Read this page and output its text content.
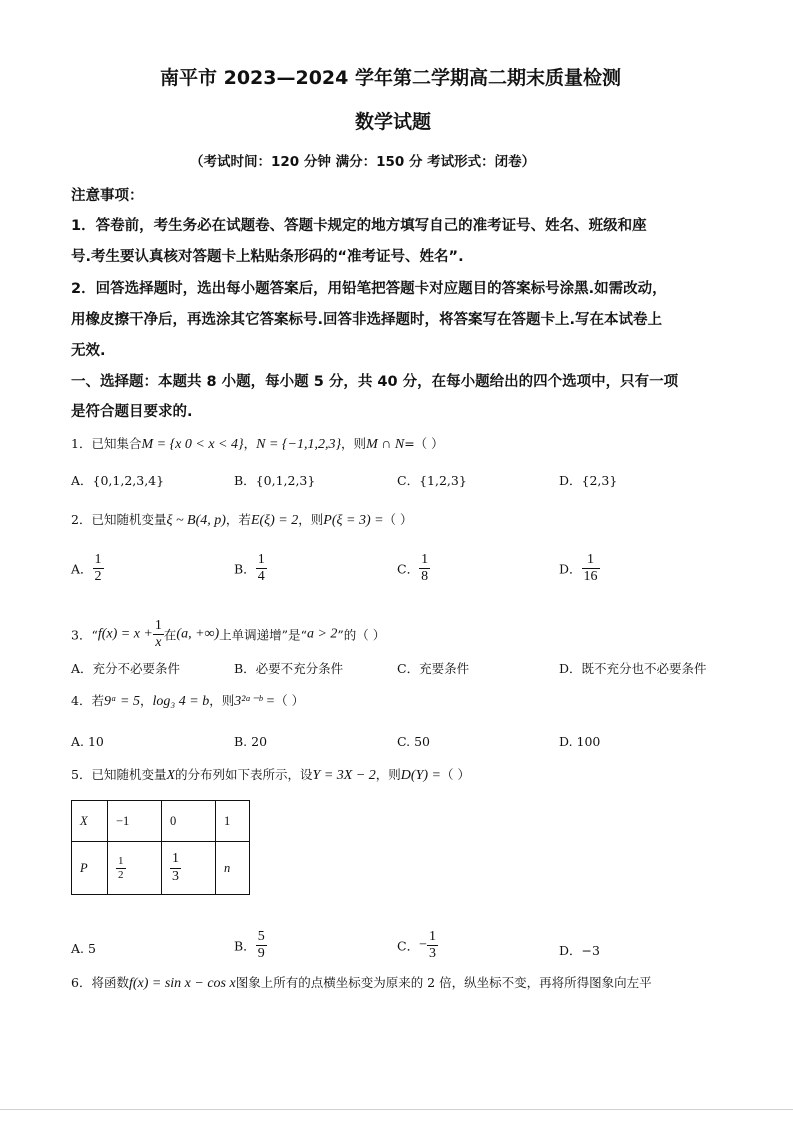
南平市 2023—2024 学年第二学期高二期末质量检测
数学试题
（考试时间：120 分钟 满分：150 分 考试形式：闭卷）
注意事项：
1．答卷前，考生务必在试题卷、答题卡规定的地方填写自己的准考证号、姓名、班级和座
号.考生要认真核对答题卡上粘贴条形码的“准考证号、姓名”.
2．回答选择题时，选出每小题答案后，用铅笔把答题卡对应题目的答案标号涂黑.如需改动，
用橡皮擦干净后，再选涂其它答案标号.回答非选择题时，将答案写在答题卡上.写在本试卷上
无效.
一、选择题：本题共 8 小题，每小题 5 分，共 40 分，在每小题给出的四个选项中，只有一项
是符合题目要求的.
1．已知集合M = {x 0 < x < 4}，N = {−1,1,2,3}，则M ∩ N=（ ）
A．{0,1,2,3,4}	B．{0,1,2,3}	C．{1,2,3}	D．{2,3}
2．已知随机变量ξ ~ B(4, p)，若E(ξ) = 2，则P(ξ = 3) =（ ）
A． $\frac{1}{2}$	B． $\frac{1}{4}$	C． $\frac{1}{8}$	D． $\frac{1}{16}$
3．“$f(x) = x + \frac{1}{x}$ 在(a, +∞)上单调递增”是“a > 2”的（ ）
A．充分不必要条件	B．必要不充分条件	C．充要条件	D．既不充分也不必要条件
4．若9ᵃ = 5，log₃ 4 = b，则3²ᵃ⁻ᵇ =（ ）
A. 10	B. 20	C. 50	D. 100
5．已知随机变量X的分布列如下表所示，设Y = 3X − 2，则D(Y) =（ ）
X	−1	0	1
P	$\frac{1}{2}$	$\frac{1}{3}$	n
A. 5	B． $\frac{5}{9}$	C．− $\frac{1}{3}$	D．−3
6．将函数f(x) = sin x − cos x图象上所有的点横坐标变为原来的 2 倍，纵坐标不变，再将所得图象向左平
